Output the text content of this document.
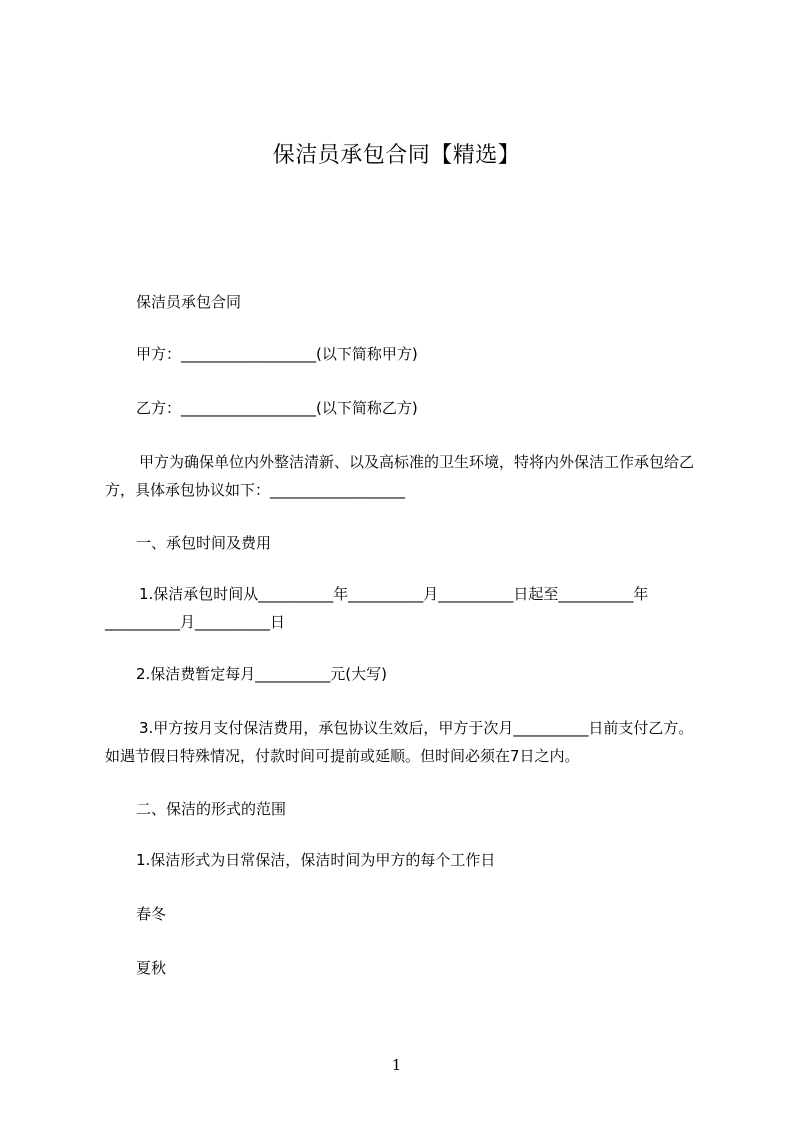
保洁员承包合同【精选】
保洁员承包合同
甲方：__________________(以下简称甲方)
乙方：__________________(以下简称乙方)
甲方为确保单位内外整洁清新、以及高标准的卫生环境，特将内外保洁工作承包给乙方，具体承包协议如下：__________________
一、承包时间及费用
1.保洁承包时间从__________年__________月__________日起至__________年__________月__________日
2.保洁费暂定每月__________元(大写)
3.甲方按月支付保洁费用，承包协议生效后，甲方于次月__________日前支付乙方。如遇节假日特殊情况，付款时间可提前或延顺。但时间必须在7日之内。
二、保洁的形式的范围
1.保洁形式为日常保洁，保洁时间为甲方的每个工作日
春冬
夏秋
1
